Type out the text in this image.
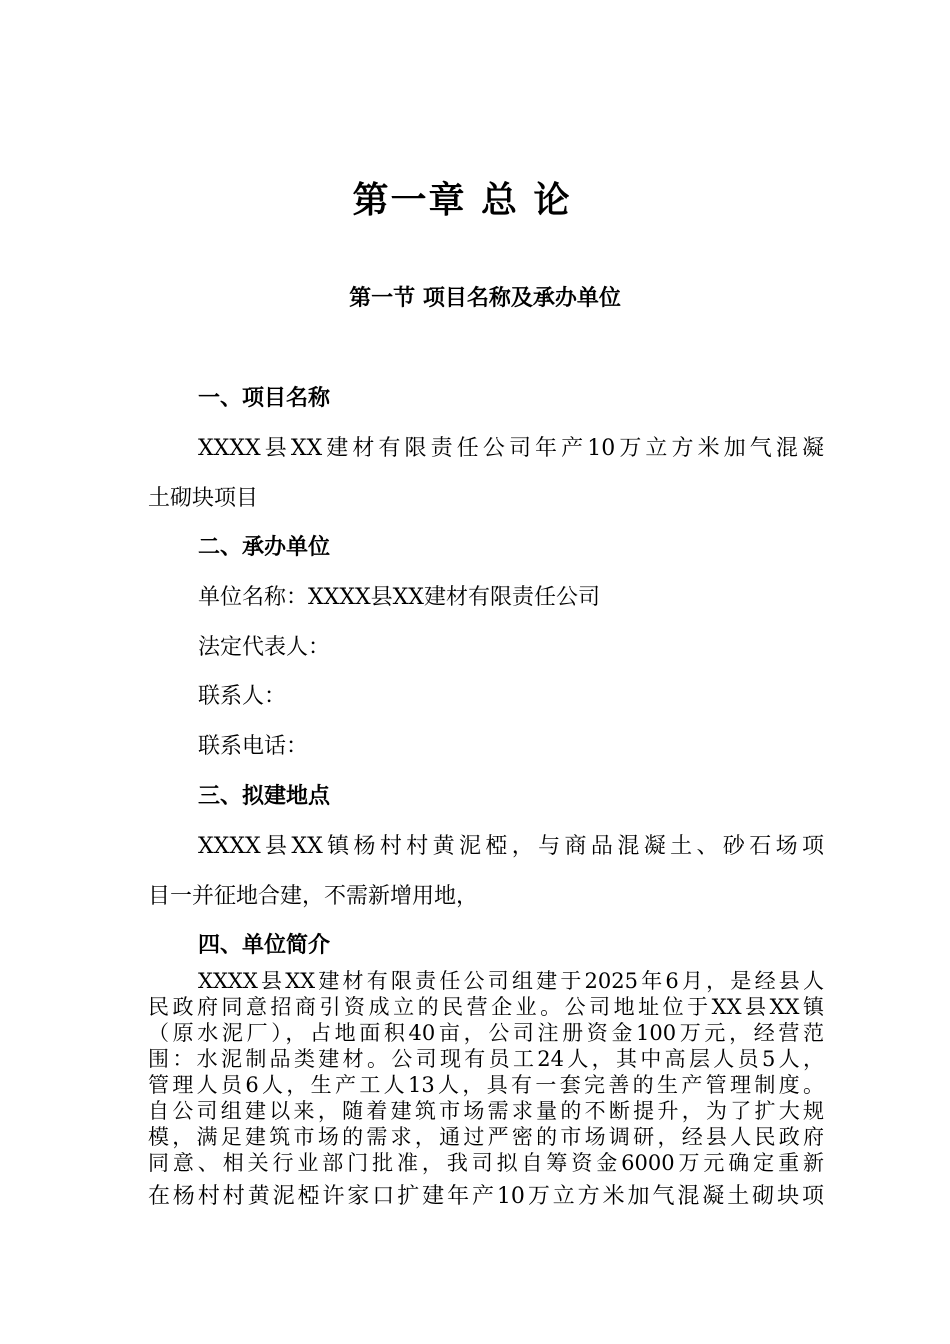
第一章 总 论
第一节 项目名称及承办单位
一、项目名称
XXXX县XX建材有限责任公司年产10万立方米加气混凝
土砌块项目
二、承办单位
单位名称：XXXX县XX建材有限责任公司
法定代表人：
联系人：
联系电话：
三、拟建地点
XXXX县XX镇杨村村黄泥椏，与商品混凝土、砂石场项
目一并征地合建，不需新增用地，
四、单位简介
XXXX县XX建材有限责任公司组建于2025年6月，是经县人
民政府同意招商引资成立的民营企业。公司地址位于XX县XX镇
（原水泥厂），占地面积40亩，公司注册资金100万元，经营范
围：水泥制品类建材。公司现有员工24人，其中高层人员5人，
管理人员6人，生产工人13人，具有一套完善的生产管理制度。
自公司组建以来，随着建筑市场需求量的不断提升，为了扩大规
模，满足建筑市场的需求，通过严密的市场调研，经县人民政府
同意、相关行业部门批准，我司拟自筹资金6000万元确定重新
在杨村村黄泥椏许家口扩建年产10万立方米加气混凝土砌块项
